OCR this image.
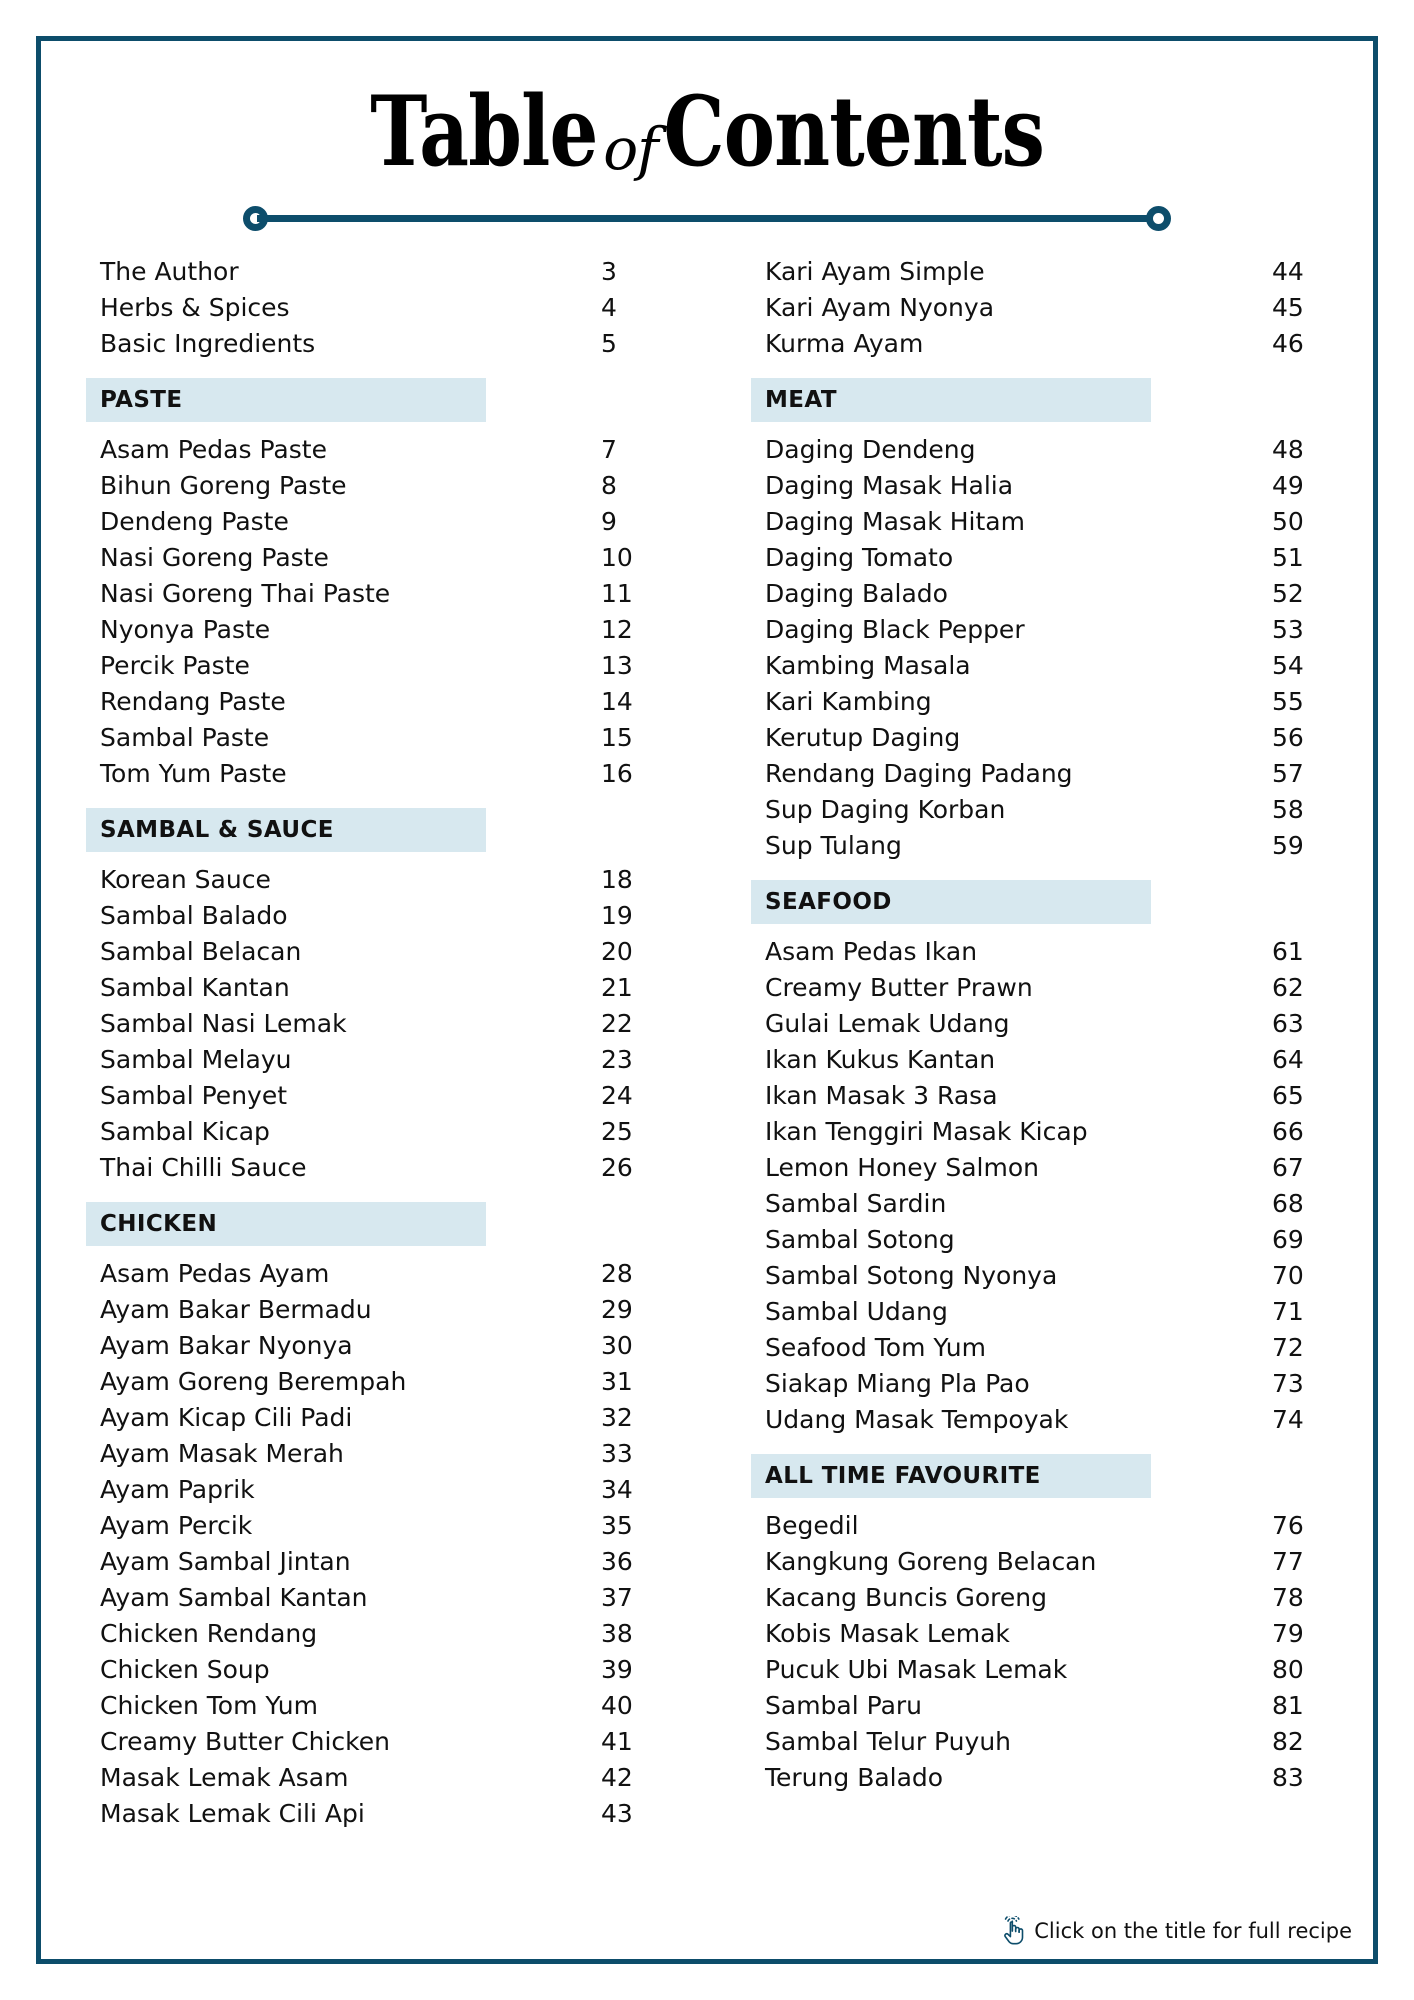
TableofContents
The Author	3
Herbs & Spices	4
Basic Ingredients	5
PASTE
Asam Pedas Paste	7
Bihun Goreng Paste	8
Dendeng Paste	9
Nasi Goreng Paste	10
Nasi Goreng Thai Paste	11
Nyonya Paste	12
Percik Paste	13
Rendang Paste	14
Sambal Paste	15
Tom Yum Paste	16
SAMBAL & SAUCE
Korean Sauce	18
Sambal Balado	19
Sambal Belacan	20
Sambal Kantan	21
Sambal Nasi Lemak	22
Sambal Melayu	23
Sambal Penyet	24
Sambal Kicap	25
Thai Chilli Sauce	26
CHICKEN
Asam Pedas Ayam	28
Ayam Bakar Bermadu	29
Ayam Bakar Nyonya	30
Ayam Goreng Berempah	31
Ayam Kicap Cili Padi	32
Ayam Masak Merah	33
Ayam Paprik	34
Ayam Percik	35
Ayam Sambal Jintan	36
Ayam Sambal Kantan	37
Chicken Rendang	38
Chicken Soup	39
Chicken Tom Yum	40
Creamy Butter Chicken	41
Masak Lemak Asam	42
Masak Lemak Cili Api	43
Kari Ayam Simple	44
Kari Ayam Nyonya	45
Kurma Ayam	46
MEAT
Daging Dendeng	48
Daging Masak Halia	49
Daging Masak Hitam	50
Daging Tomato	51
Daging Balado	52
Daging Black Pepper	53
Kambing Masala	54
Kari Kambing	55
Kerutup Daging	56
Rendang Daging Padang	57
Sup Daging Korban	58
Sup Tulang	59
SEAFOOD
Asam Pedas Ikan	61
Creamy Butter Prawn	62
Gulai Lemak Udang	63
Ikan Kukus Kantan	64
Ikan Masak 3 Rasa	65
Ikan Tenggiri Masak Kicap	66
Lemon Honey Salmon	67
Sambal Sardin	68
Sambal Sotong	69
Sambal Sotong Nyonya	70
Sambal Udang	71
Seafood Tom Yum	72
Siakap Miang Pla Pao	73
Udang Masak Tempoyak	74
ALL TIME FAVOURITE
Begedil	76
Kangkung Goreng Belacan	77
Kacang Buncis Goreng	78
Kobis Masak Lemak	79
Pucuk Ubi Masak Lemak	80
Sambal Paru	81
Sambal Telur Puyuh	82
Terung Balado	83
Click on the title for full recipe
